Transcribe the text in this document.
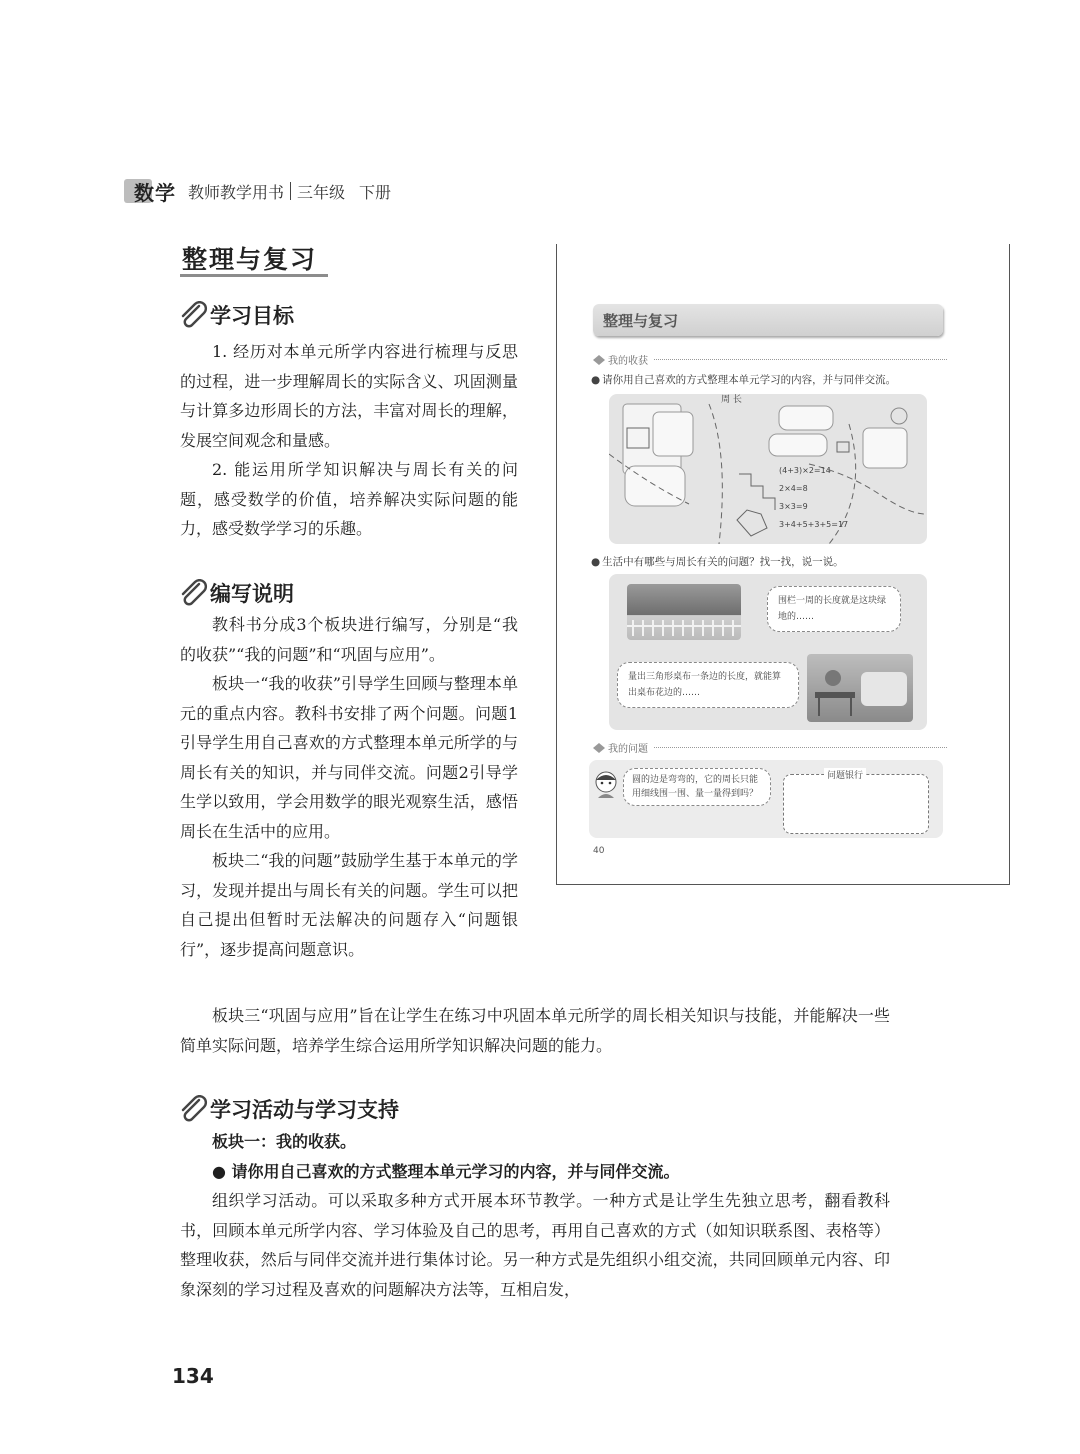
数学 教师教学用书 三年级 下册
整理与复习
学习目标

1. 经历对本单元所学内容进行梳理与反思的过程，进一步理解周长的实际含义、巩固测量与计算多边形周长的方法，丰富对周长的理解，发展空间观念和量感。

2. 能运用所学知识解决与周长有关的问题，感受数学的价值，培养解决实际问题的能力，感受数学学习的乐趣。

编写说明

教科书分成3个板块进行编写，分别是“我的收获”“我的问题”和“巩固与应用”。

板块一“我的收获”引导学生回顾与整理本单元的重点内容。教科书安排了两个问题。问题1引导学生用自己喜欢的方式整理本单元所学的与周长有关的知识，并与同伴交流。问题2引导学生学以致用，学会用数学的眼光观察生活，感悟周长在生活中的应用。

板块二“我的问题”鼓励学生基于本单元的学习，发现并提出与周长有关的问题。学生可以把自己提出但暂时无法解决的问题存入“问题银行”，逐步提高问题意识。

板块三“巩固与应用”旨在让学生在练习中巩固本单元所学的周长相关知识与技能，并能解决一些简单实际问题，培养学生综合运用所学知识解决问题的能力。

学习活动与学习支持

板块一：我的收获。

● 请你用自己喜欢的方式整理本单元学习的内容，并与同伴交流。

组织学习活动。可以采取多种方式开展本环节教学。一种方式是让学生先独立思考，翻看教科书，回顾本单元所学内容、学习体验及自己的思考，再用自己喜欢的方式（如知识联系图、表格等）整理收获，然后与同伴交流并进行集体讨论。另一种方式是先组织小组交流，共同回顾单元内容、印象深刻的学习过程及喜欢的问题解决方法等，互相启发，

整理与复习
我的收获
● 请你用自己喜欢的方式整理本单元学习的内容，并与同伴交流。
周 长
(4+3)×2=14
2×4=8
3×3=9
3+4+5+3+5=17
● 生活中有哪些与周长有关的问题？找一找，说一说。
围栏一周的长度就是这块绿地的……
量出三角形桌布一条边的长度，就能算出桌布花边的……
我的问题
圆的边是弯弯的，它的周长只能用细线围一围、量一量得到吗？
问题银行
40
134
